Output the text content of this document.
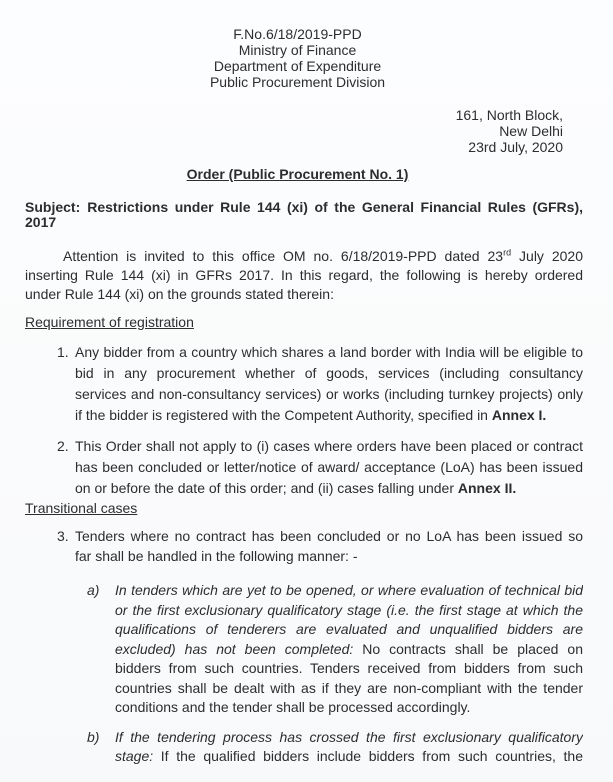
F.No.6/18/2019-PPD
Ministry of Finance
Department of Expenditure
Public Procurement Division
161, North Block,
New Delhi
23rd July, 2020
Order (Public Procurement No. 1)
Subject: Restrictions under Rule 144 (xi) of the General Financial Rules (GFRs),
2017
Attention is invited to this office OM no. 6/18/2019-PPD dated 23rd July 2020
inserting Rule 144 (xi) in GFRs 2017. In this regard, the following is hereby ordered
under Rule 144 (xi) on the grounds stated therein:
Requirement of registration
1. Any bidder from a country which shares a land border with India will be eligible to
bid in any procurement whether of goods, services (including consultancy
services and non-consultancy services) or works (including turnkey projects) only
if the bidder is registered with the Competent Authority, specified in Annex I.
2. This Order shall not apply to (i) cases where orders have been placed or contract
has been concluded or letter/notice of award/ acceptance (LoA) has been issued
on or before the date of this order; and (ii) cases falling under Annex II.
Transitional cases
3. Tenders where no contract has been concluded or no LoA has been issued so
far shall be handled in the following manner: -
a)	In tenders which are yet to be opened, or where evaluation of technical bid
or the first exclusionary qualificatory stage (i.e. the first stage at which the
qualifications of tenderers are evaluated and unqualified bidders are
excluded) has not been completed: No contracts shall be placed on
bidders from such countries. Tenders received from bidders from such
countries shall be dealt with as if they are non-compliant with the tender
conditions and the tender shall be processed accordingly.
b)	If the tendering process has crossed the first exclusionary qualificatory
stage: If the qualified bidders include bidders from such countries, the
